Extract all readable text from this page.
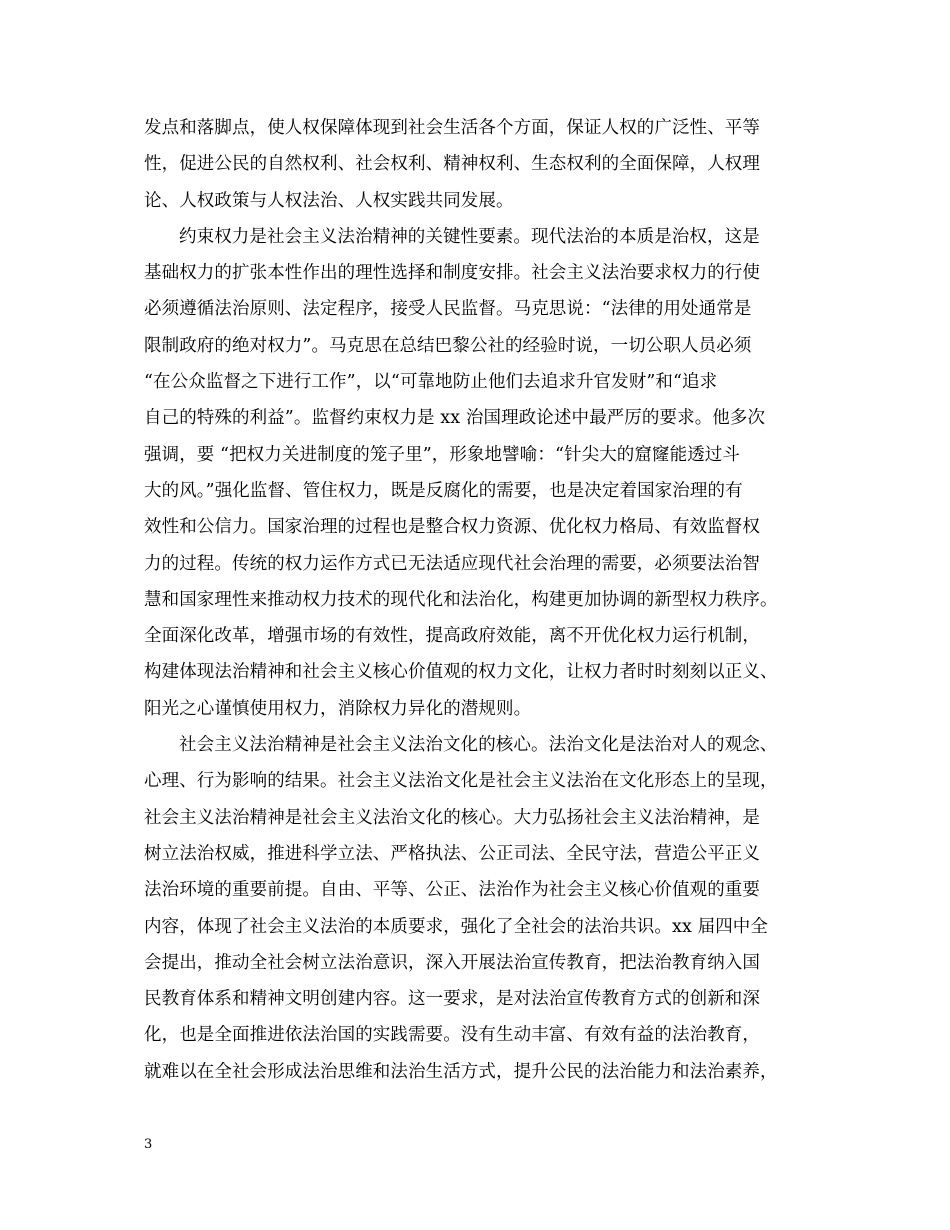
发点和落脚点，使人权保障体现到社会生活各个方面，保证人权的广泛性、平等
性，促进公民的自然权利、社会权利、精神权利、生态权利的全面保障，人权理
论、人权政策与人权法治、人权实践共同发展。
约束权力是社会主义法治精神的关键性要素。现代法治的本质是治权，这是
基础权力的扩张本性作出的理性选择和制度安排。社会主义法治要求权力的行使
必须遵循法治原则、法定程序，接受人民监督。马克思说：“法律的用处通常是
限制政府的绝对权力”。马克思在总结巴黎公社的经验时说，一切公职人员必须
“在公众监督之下进行工作”，以“可靠地防止他们去追求升官发财”和“追求
自己的特殊的利益”。监督约束权力是 xx 治国理政论述中最严厉的要求。他多次
强调，要 “把权力关进制度的笼子里”，形象地譬喻：“针尖大的窟窿能透过斗
大的风。”强化监督、管住权力，既是反腐化的需要，也是决定着国家治理的有
效性和公信力。国家治理的过程也是整合权力资源、优化权力格局、有效监督权
力的过程。传统的权力运作方式已无法适应现代社会治理的需要，必须要法治智
慧和国家理性来推动权力技术的现代化和法治化，构建更加协调的新型权力秩序。
全面深化改革，增强市场的有效性，提高政府效能，离不开优化权力运行机制，
构建体现法治精神和社会主义核心价值观的权力文化，让权力者时时刻刻以正义、
阳光之心谨慎使用权力，消除权力异化的潜规则。
社会主义法治精神是社会主义法治文化的核心。法治文化是法治对人的观念、
心理、行为影响的结果。社会主义法治文化是社会主义法治在文化形态上的呈现，
社会主义法治精神是社会主义法治文化的核心。大力弘扬社会主义法治精神，是
树立法治权威，推进科学立法、严格执法、公正司法、全民守法，营造公平正义
法治环境的重要前提。自由、平等、公正、法治作为社会主义核心价值观的重要
内容，体现了社会主义法治的本质要求，强化了全社会的法治共识。xx 届四中全
会提出，推动全社会树立法治意识，深入开展法治宣传教育，把法治教育纳入国
民教育体系和精神文明创建内容。这一要求，是对法治宣传教育方式的创新和深
化，也是全面推进依法治国的实践需要。没有生动丰富、有效有益的法治教育，
就难以在全社会形成法治思维和法治生活方式，提升公民的法治能力和法治素养，
3
